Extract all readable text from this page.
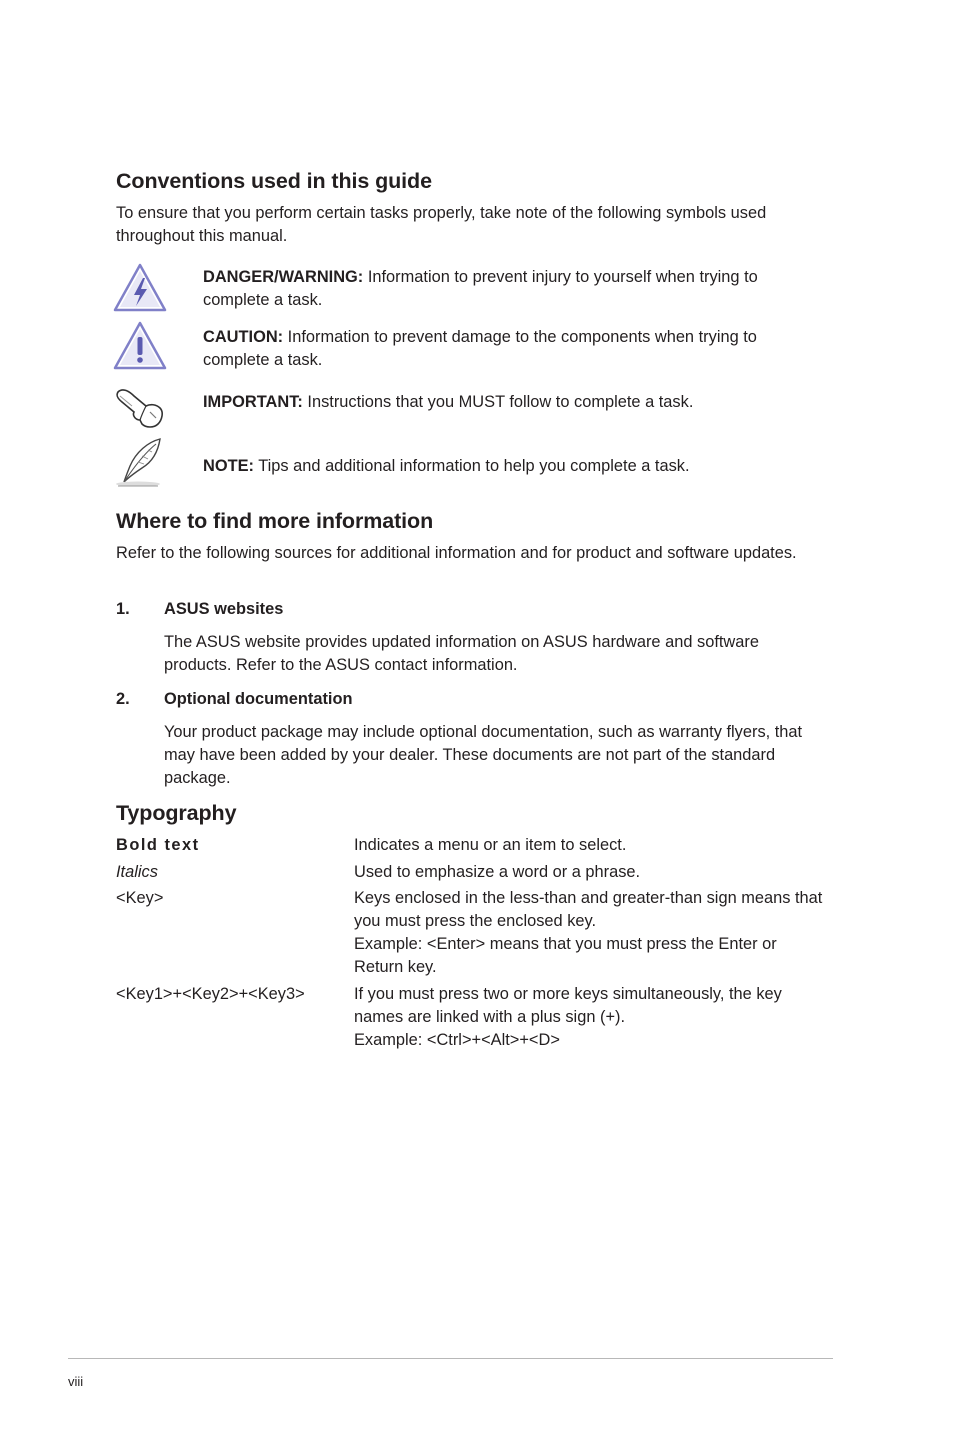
Conventions used in this guide

To ensure that you perform certain tasks properly, take note of the following symbols used throughout this manual.

DANGER/WARNING: Information to prevent injury to yourself when trying to complete a task.

CAUTION: Information to prevent damage to the components when trying to complete a task.

IMPORTANT: Instructions that you MUST follow to complete a task.

NOTE: Tips and additional information to help you complete a task.

Where to find more information

Refer to the following sources for additional information and for product and software updates.

1. ASUS websites

The ASUS website provides updated information on ASUS hardware and software products. Refer to the ASUS contact information.

2. Optional documentation

Your product package may include optional documentation, such as warranty flyers, that may have been added by your dealer. These documents are not part of the standard package.

Typography
Bold text	Indicates a menu or an item to select.
Italics	Used to emphasize a word or a phrase.
<Key>	Keys enclosed in the less-than and greater-than sign means that you must press the enclosed key.
Example: <Enter> means that you must press the Enter or Return key.
<Key1>+<Key2>+<Key3>	If you must press two or more keys simultaneously, the key names are linked with a plus sign (+).
Example: <Ctrl>+<Alt>+<D>
viii
